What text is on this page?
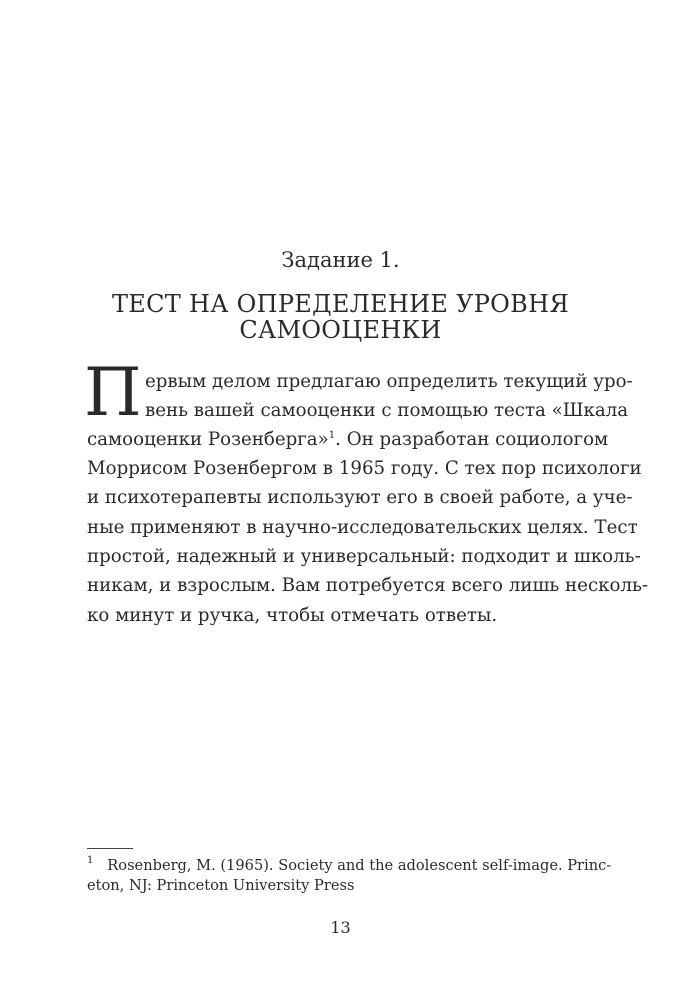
Задание 1.
ТЕСТ НА ОПРЕДЕЛЕНИЕ УРОВНЯ
САМООЦЕНКИ
П ервым делом предлагаю определить текущий уро-
вень вашей самооценки с помощью теста «Шкала
самооценки Розенберга»$^1$. Он разработан социологом
Моррисом Розенбергом в 1965 году. С тех пор психологи
и психотерапевты используют его в своей работе, а уче-
ные применяют в научно-исследовательских целях. Тест
простой, надежный и универсальный: подходит и школь-
никам, и взрослым. Вам потребуется всего лишь несколь-
ко минут и ручка, чтобы отмечать ответы.
$^1$ Rosenberg, M. (1965). Society and the adolescent self-image. Princ-
eton, NJ: Princeton University Press
13
